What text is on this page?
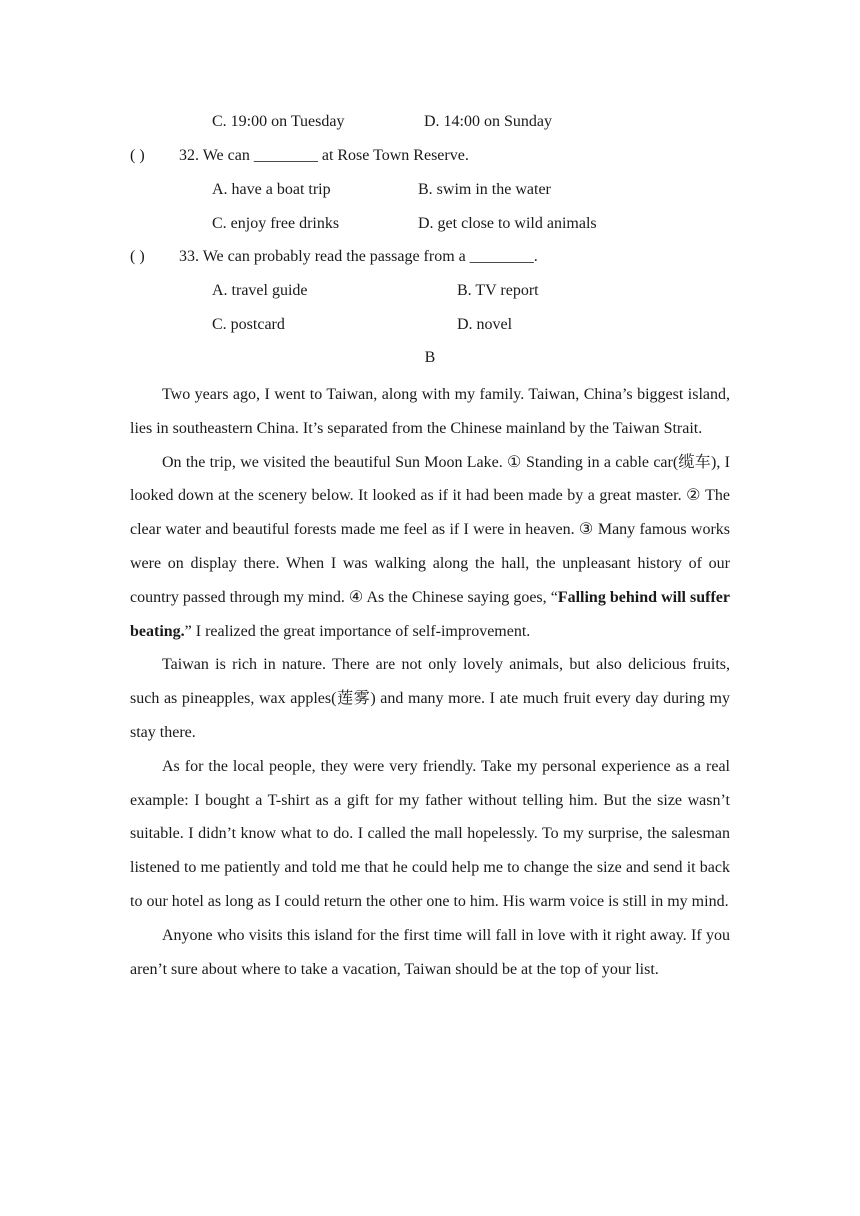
C. 19:00 on Tuesday	D. 14:00 on Sunday
( ) 32. We can ________ at Rose Town Reserve.
A. have a boat trip	B. swim in the water
C. enjoy free drinks	D. get close to wild animals
( ) 33. We can probably read the passage from a ________.
A. travel guide	B. TV report
C. postcard	D. novel
B

Two years ago, I went to Taiwan, along with my family. Taiwan, China’s biggest island, lies in southeastern China. It’s separated from the Chinese mainland by the Taiwan Strait.

On the trip, we visited the beautiful Sun Moon Lake. ① Standing in a cable car(缆车), I looked down at the scenery below. It looked as if it had been made by a great master. ② The clear water and beautiful forests made me feel as if I were in heaven. ③ Many famous works were on display there. When I was walking along the hall, the unpleasant history of our country passed through my mind. ④ As the Chinese saying goes, “Falling behind will suffer beating.” I realized the great importance of self-improvement.

Taiwan is rich in nature. There are not only lovely animals, but also delicious fruits, such as pineapples, wax apples(莲雾) and many more. I ate much fruit every day during my stay there.

As for the local people, they were very friendly. Take my personal experience as a real example: I bought a T-shirt as a gift for my father without telling him. But the size wasn’t suitable. I didn’t know what to do. I called the mall hopelessly. To my surprise, the salesman listened to me patiently and told me that he could help me to change the size and send it back to our hotel as long as I could return the other one to him. His warm voice is still in my mind.

Anyone who visits this island for the first time will fall in love with it right away. If you aren’t sure about where to take a vacation, Taiwan should be at the top of your list.
